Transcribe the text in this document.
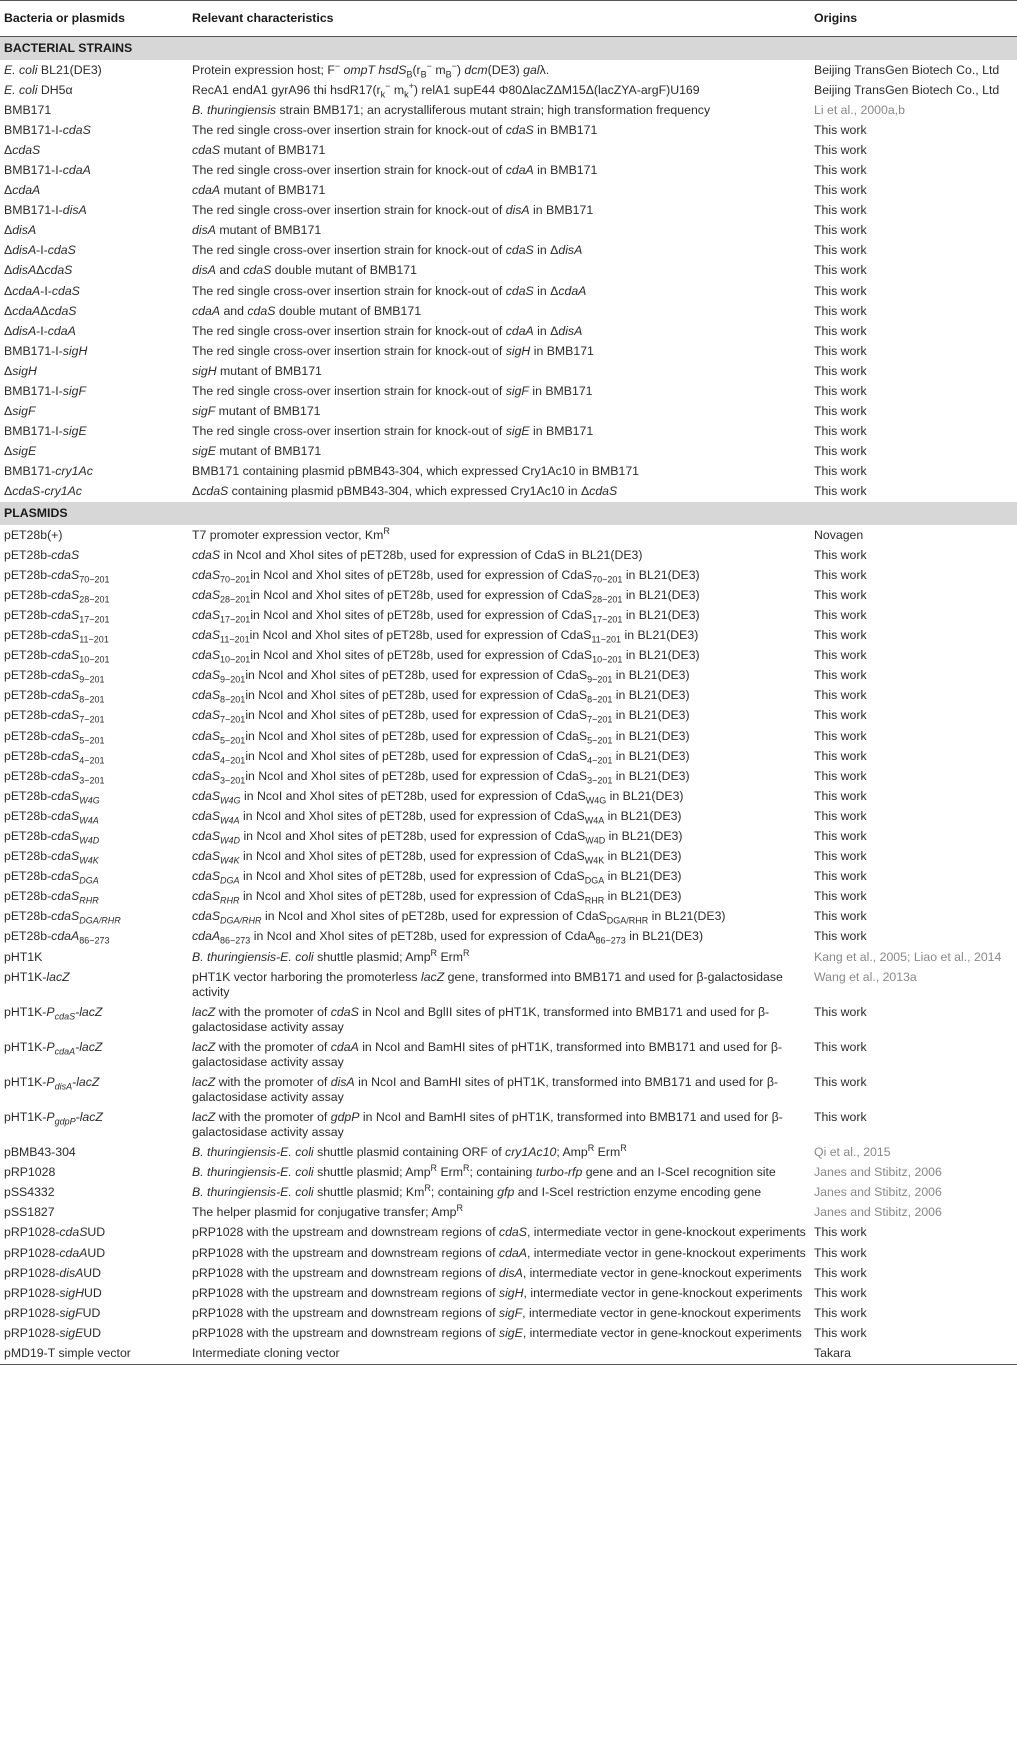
Bacteria or plasmids	Relevant characteristics	Origins
BACTERIAL STRAINS		
E. coli BL21(DE3)	Protein expression host; F− ompT $hsdS_B(r_B^-$ $m_B^-$) dcm(DE3) galλ.	Beijing TransGen Biotech Co., Ltd
E. coli DH5α	RecA1 endA1 gyrA96 thi $hsdR17(r_k^-$ $m_k^+$) relA1 supE44 Φ80ΔlacZΔM15Δ(lacZYA-argF)U169	Beijing TransGen Biotech Co., Ltd
BMB171	B. thuringiensis strain BMB171; an acrystalliferous mutant strain; high transformation frequency	Li et al., 2000a,b
BMB171-I-cdaS	The red single cross-over insertion strain for knock-out of cdaS in BMB171	This work
ΔcdaS	cdaS mutant of BMB171	This work
BMB171-I-cdaA	The red single cross-over insertion strain for knock-out of cdaA in BMB171	This work
ΔcdaA	cdaA mutant of BMB171	This work
BMB171-I-disA	The red single cross-over insertion strain for knock-out of disA in BMB171	This work
ΔdisA	disA mutant of BMB171	This work
ΔdisA-I-cdaS	The red single cross-over insertion strain for knock-out of cdaS in ΔdisA	This work
ΔdisAΔcdaS	disA and cdaS double mutant of BMB171	This work
ΔcdaA-I-cdaS	The red single cross-over insertion strain for knock-out of cdaS in ΔcdaA	This work
ΔcdaAΔcdaS	cdaA and cdaS double mutant of BMB171	This work
ΔdisA-I-cdaA	The red single cross-over insertion strain for knock-out of cdaA in ΔdisA	This work
BMB171-I-sigH	The red single cross-over insertion strain for knock-out of sigH in BMB171	This work
ΔsigH	sigH mutant of BMB171	This work
BMB171-I-sigF	The red single cross-over insertion strain for knock-out of sigF in BMB171	This work
ΔsigF	sigF mutant of BMB171	This work
BMB171-I-sigE	The red single cross-over insertion strain for knock-out of sigE in BMB171	This work
ΔsigE	sigE mutant of BMB171	This work
BMB171-cry1Ac	BMB171 containing plasmid pBMB43-304, which expressed Cry1Ac10 in BMB171	This work
ΔcdaS-cry1Ac	ΔcdaS containing plasmid pBMB43-304, which expressed Cry1Ac10 in ΔcdaS	This work
PLASMIDS		
pET28b(+)	T7 promoter expression vector, $Km^R$	Novagen
pET28b-cdaS	cdaS in NcoI and XhoI sites of pET28b, used for expression of CdaS in BL21(DE3)	This work
pET28b-cdaS$_{70-201}$	cdaS$_{70-201}$in NcoI and XhoI sites of pET28b, used for expression of CdaS$_{70-201}$ in BL21(DE3)	This work
pET28b-cdaS$_{28-201}$	cdaS$_{28-201}$in NcoI and XhoI sites of pET28b, used for expression of CdaS$_{28-201}$ in BL21(DE3)	This work
pET28b-cdaS$_{17-201}$	cdaS$_{17-201}$in NcoI and XhoI sites of pET28b, used for expression of CdaS$_{17-201}$ in BL21(DE3)	This work
pET28b-cdaS$_{11-201}$	cdaS$_{11-201}$in NcoI and XhoI sites of pET28b, used for expression of CdaS$_{11-201}$ in BL21(DE3)	This work
pET28b-cdaS$_{10-201}$	cdaS$_{10-201}$in NcoI and XhoI sites of pET28b, used for expression of CdaS$_{10-201}$ in BL21(DE3)	This work
pET28b-cdaS$_{9-201}$	cdaS$_{9-201}$in NcoI and XhoI sites of pET28b, used for expression of CdaS$_{9-201}$ in BL21(DE3)	This work
pET28b-cdaS$_{8-201}$	cdaS$_{8-201}$in NcoI and XhoI sites of pET28b, used for expression of CdaS$_{8-201}$ in BL21(DE3)	This work
pET28b-cdaS$_{7-201}$	cdaS$_{7-201}$in NcoI and XhoI sites of pET28b, used for expression of CdaS$_{7-201}$ in BL21(DE3)	This work
pET28b-cdaS$_{5-201}$	cdaS$_{5-201}$in NcoI and XhoI sites of pET28b, used for expression of CdaS$_{5-201}$ in BL21(DE3)	This work
pET28b-cdaS$_{4-201}$	cdaS$_{4-201}$in NcoI and XhoI sites of pET28b, used for expression of CdaS$_{4-201}$ in BL21(DE3)	This work
pET28b-cdaS$_{3-201}$	cdaS$_{3-201}$in NcoI and XhoI sites of pET28b, used for expression of CdaS$_{3-201}$ in BL21(DE3)	This work
pET28b-cdaS$_{W4G}$	cdaS$_{W4G}$ in NcoI and XhoI sites of pET28b, used for expression of CdaS$_{W4G}$ in BL21(DE3)	This work
pET28b-cdaS$_{W4A}$	cdaS$_{W4A}$ in NcoI and XhoI sites of pET28b, used for expression of CdaS$_{W4A}$ in BL21(DE3)	This work
pET28b-cdaS$_{W4D}$	cdaS$_{W4D}$ in NcoI and XhoI sites of pET28b, used for expression of CdaS$_{W4D}$ in BL21(DE3)	This work
pET28b-cdaS$_{W4K}$	cdaS$_{W4K}$ in NcoI and XhoI sites of pET28b, used for expression of CdaS$_{W4K}$ in BL21(DE3)	This work
pET28b-cdaS$_{DGA}$	cdaS$_{DGA}$ in NcoI and XhoI sites of pET28b, used for expression of CdaS$_{DGA}$ in BL21(DE3)	This work
pET28b-cdaS$_{RHR}$	cdaS$_{RHR}$ in NcoI and XhoI sites of pET28b, used for expression of CdaS$_{RHR}$ in BL21(DE3)	This work
pET28b-cdaS$_{DGA/RHR}$	cdaS$_{DGA/RHR}$ in NcoI and XhoI sites of pET28b, used for expression of CdaS$_{DGA/RHR}$ in BL21(DE3)	This work
pET28b-cdaA$_{86-273}$	cdaA$_{86-273}$ in NcoI and XhoI sites of pET28b, used for expression of CdaA$_{86-273}$ in BL21(DE3)	This work
pHT1K	B. thuringiensis-E. coli shuttle plasmid; Amp$^R$ Erm$^R$	Kang et al., 2005; Liao et al., 2014
pHT1K-lacZ	pHT1K vector harboring the promoterless lacZ gene, transformed into BMB171 and used for β-galactosidase activity	Wang et al., 2013a
$pHT1K-P_{cdaS}$-lacZ	lacZ with the promoter of cdaS in NcoI and BglII sites of pHT1K, transformed into BMB171 and used for β-galactosidase activity assay	This work
$pHT1K-P_{cdaA}$-lacZ	lacZ with the promoter of cdaA in NcoI and BamHI sites of pHT1K, transformed into BMB171 and used for β-galactosidase activity assay	This work
$pHT1K-P_{disA}$-lacZ	lacZ with the promoter of disA in NcoI and BamHI sites of pHT1K, transformed into BMB171 and used for β-galactosidase activity assay	This work
$pHT1K-P_{gdpP}$-lacZ	lacZ with the promoter of gdpP in NcoI and BamHI sites of pHT1K, transformed into BMB171 and used for β-galactosidase activity assay	This work
pBMB43-304	B. thuringiensis-E. coli shuttle plasmid containing ORF of cry1Ac10; Amp$^R$ Erm$^R$	Qi et al., 2015
pRP1028	B. thuringiensis-E. coli shuttle plasmid; Amp$^R$ Erm$^R$; containing turbo-rfp gene and an I-SceI recognition site	Janes and Stibitz, 2006
pSS4332	B. thuringiensis-E. coli shuttle plasmid; $Km^R$; containing gfp and I-SceI restriction enzyme encoding gene	Janes and Stibitz, 2006
pSS1827	The helper plasmid for conjugative transfer; Amp$^R$	Janes and Stibitz, 2006
pRP1028-cdaSUD	pRP1028 with the upstream and downstream regions of cdaS, intermediate vector in gene-knockout experiments	This work
pRP1028-cdaAUD	pRP1028 with the upstream and downstream regions of cdaA, intermediate vector in gene-knockout experiments	This work
pRP1028-disAUD	pRP1028 with the upstream and downstream regions of disA, intermediate vector in gene-knockout experiments	This work
pRP1028-sigHUD	pRP1028 with the upstream and downstream regions of sigH, intermediate vector in gene-knockout experiments	This work
pRP1028-sigFUD	pRP1028 with the upstream and downstream regions of sigF, intermediate vector in gene-knockout experiments	This work
pRP1028-sigEUD	pRP1028 with the upstream and downstream regions of sigE, intermediate vector in gene-knockout experiments	This work
pMD19-T simple vector	Intermediate cloning vector	Takara
